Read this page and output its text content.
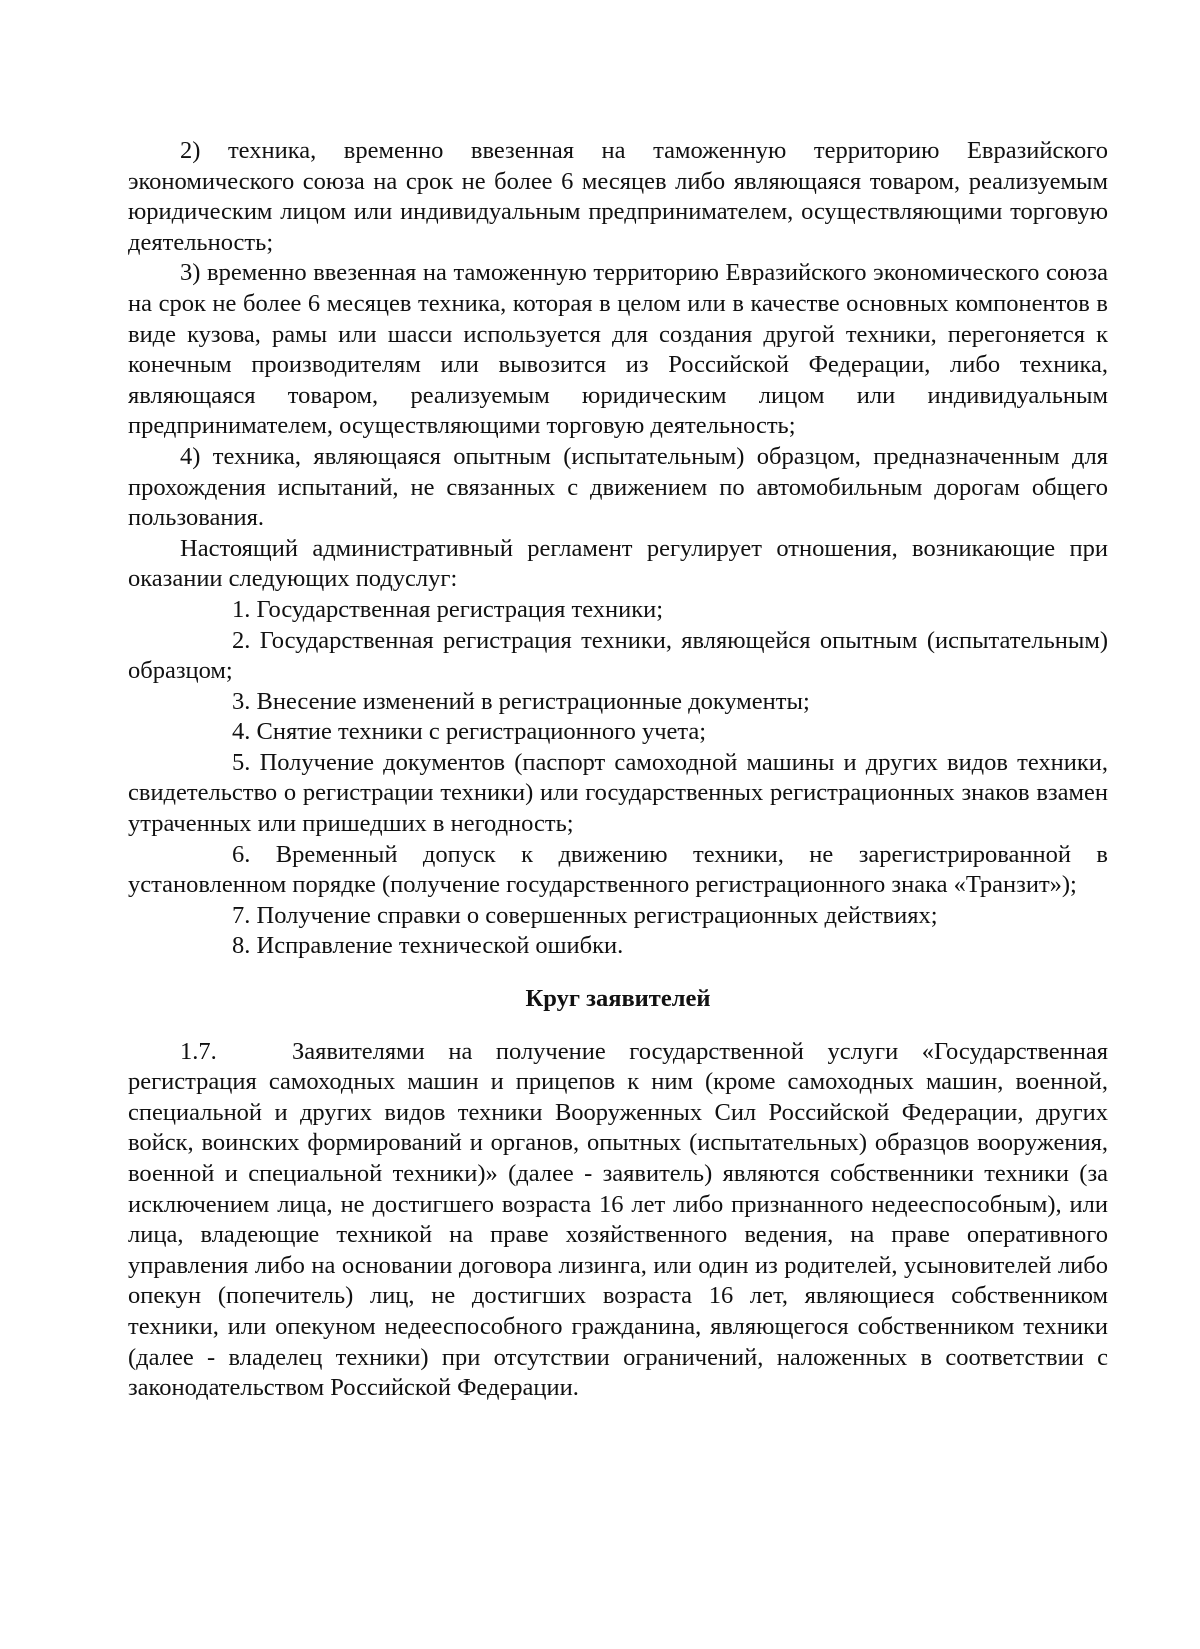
2) техника, временно ввезенная на таможенную территорию Евразийского экономического союза на срок не более 6 месяцев либо являющаяся товаром, реализуемым юридическим лицом или индивидуальным предпринимателем, осуществляющими торговую деятельность;

3) временно ввезенная на таможенную территорию Евразийского экономического союза на срок не более 6 месяцев техника, которая в целом или в качестве основных компонентов в виде кузова, рамы или шасси используется для создания другой техники, перегоняется к конечным производителям или вывозится из Российской Федерации, либо техника, являющаяся товаром, реализуемым юридическим лицом или индивидуальным предпринимателем, осуществляющими торговую деятельность;

4) техника, являющаяся опытным (испытательным) образцом, предназначенным для прохождения испытаний, не связанных с движением по автомобильным дорогам общего пользования.

Настоящий административный регламент регулирует отношения, возникающие при оказании следующих подуслуг:

1. Государственная регистрация техники;

2. Государственная регистрация техники, являющейся опытным (испытательным) образцом;

3. Внесение изменений в регистрационные документы;

4. Снятие техники с регистрационного учета;

5. Получение документов (паспорт самоходной машины и других видов техники, свидетельство о регистрации техники) или государственных регистрационных знаков взамен утраченных или пришедших в негодность;

6. Временный допуск к движению техники, не зарегистрированной в установленном порядке (получение государственного регистрационного знака «Транзит»);

7. Получение справки о совершенных регистрационных действиях;

8. Исправление технической ошибки.

Круг заявителей

1.7.	Заявителями на получение государственной услуги «Государственная регистрация самоходных машин и прицепов к ним (кроме самоходных машин, военной, специальной и других видов техники Вооруженных Сил Российской Федерации, других войск, воинских формирований и органов, опытных (испытательных) образцов вооружения, военной и специальной техники)» (далее - заявитель) являются собственники техники (за исключением лица, не достигшего возраста 16 лет либо признанного недееспособным), или лица, владеющие техникой на праве хозяйственного ведения, на праве оперативного управления либо на основании договора лизинга, или один из родителей, усыновителей либо опекун (попечитель) лиц, не достигших возраста 16 лет, являющиеся собственником техники, или опекуном недееспособного гражданина, являющегося собственником техники (далее - владелец техники) при отсутствии ограничений, наложенных в соответствии с законодательством Российской Федерации.
